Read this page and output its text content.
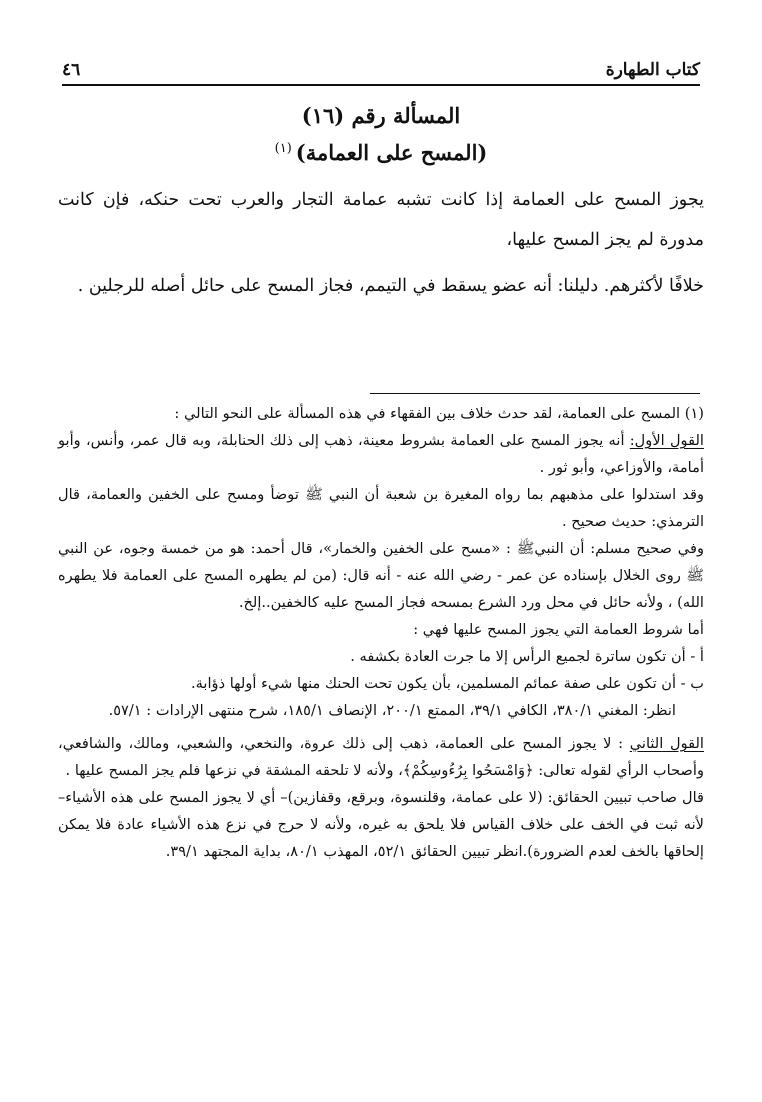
كتاب الطهارة
٤٦
المسألة رقم (١٦)
(المسح على العمامة)$^{(١)}$

يجوز المسح على العمامة إذا كانت تشبه عمامة التجار والعرب تحت حنكه، فإن كانت مدورة لم يجز المسح عليها،

خلافًا لأكثرهم. دليلنا: أنه عضو يسقط في التيمم، فجاز المسح على حائل أصله للرجلين .

(١) المسح على العمامة، لقد حدث خلاف بين الفقهاء في هذه المسألة على النحو التالي :

القول الأول: أنه يجوز المسح على العمامة بشروط معينة، ذهب إلى ذلك الحنابلة، وبه قال عمر، وأنس، وأبو أمامة، والأوزاعي، وأبو ثور .

وقد استدلوا على مذهبهم بما رواه المغيرة بن شعبة أن النبي ﷺ توضأ ومسح على الخفين والعمامة، قال الترمذي: حديث صحيح .

وفي صحيح مسلم: أن النبيﷺ : «مسح على الخفين والخمار»، قال أحمد: هو من خمسة وجوه، عن النبي ﷺ روى الخلال بإسناده عن عمر - رضي الله عنه - أنه قال: (من لم يطهره المسح على العمامة فلا يطهره الله) ، ولأنه حائل في محل ورد الشرع بمسحه فجاز المسح عليه كالخفين..إلخ.

أما شروط العمامة التي يجوز المسح عليها فهي :

أ - أن تكون ساترة لجميع الرأس إلا ما جرت العادة بكشفه .

ب - أن تكون على صفة عمائم المسلمين، بأن يكون تحت الحنك منها شيء أولها ذؤابة.

انظر: المغني ٣٨٠/١، الكافي ٣٩/١، الممتع ٢٠٠/١، الإنصاف ١٨٥/١، شرح منتهى الإرادات : ٥٧/١.

القول الثاني : لا يجوز المسح على العمامة، ذهب إلى ذلك عروة، والنخعي، والشعبي، ومالك، والشافعي، وأصحاب الرأي لقوله تعالى: ﴿وَامْسَحُوا بِرُءُوسِكُمْ﴾، ولأنه لا تلحقه المشقة في نزعها فلم يجز المسح عليها .

قال صاحب تبيين الحقائق: (لا على عمامة، وقلنسوة، وبرقع، وقفازين)– أي لا يجوز المسح على هذه الأشياء– لأنه ثبت في الخف على خلاف القياس فلا يلحق به غيره، ولأنه لا حرج في نزع هذه الأشياء عادة فلا يمكن إلحاقها بالخف لعدم الضرورة).انظر تبيين الحقائق ٥٢/١، المهذب ٨٠/١، بداية المجتهد ٣٩/١.
